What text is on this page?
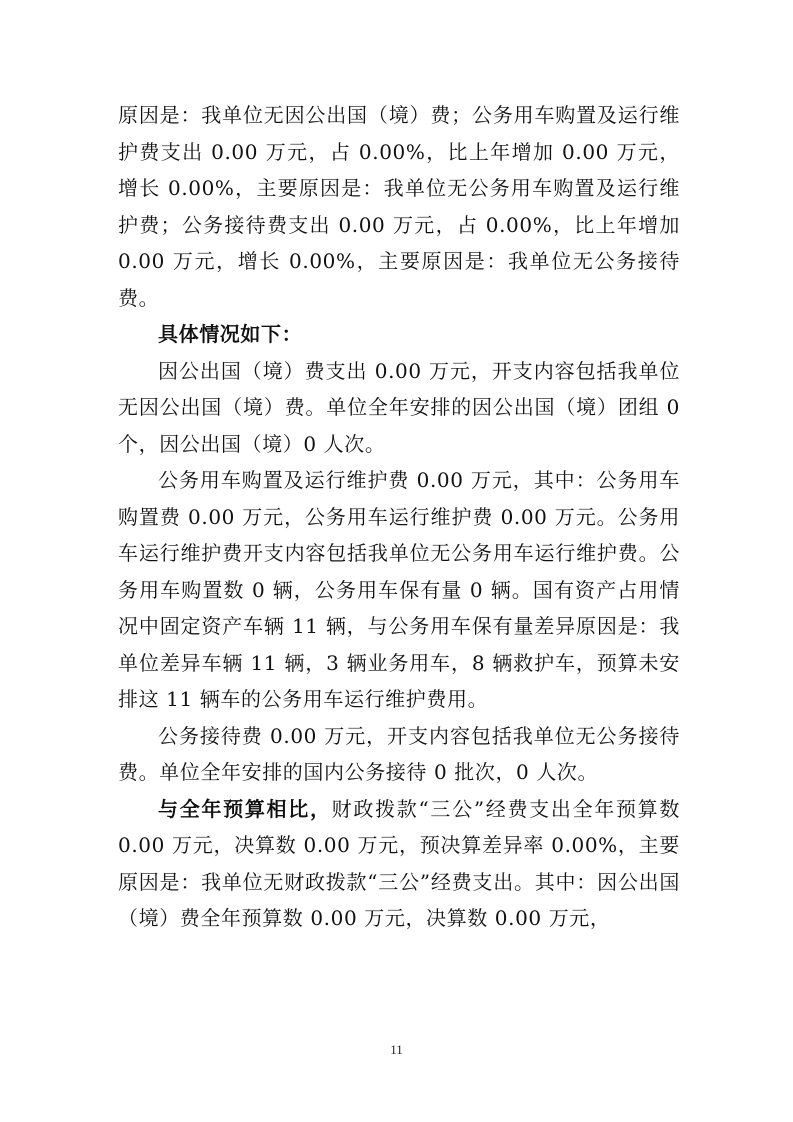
原因是：我单位无因公出国（境）费；公务用车购置及运行维护费支出 0.00 万元，占 0.00%，比上年增加 0.00 万元，增长 0.00%，主要原因是：我单位无公务用车购置及运行维护费；公务接待费支出 0.00 万元，占 0.00%，比上年增加 0.00 万元，增长 0.00%，主要原因是：我单位无公务接待费。

具体情况如下：

因公出国（境）费支出 0.00 万元，开支内容包括我单位无因公出国（境）费。单位全年安排的因公出国（境）团组 0 个，因公出国（境）0 人次。

公务用车购置及运行维护费 0.00 万元，其中：公务用车购置费 0.00 万元，公务用车运行维护费 0.00 万元。公务用车运行维护费开支内容包括我单位无公务用车运行维护费。公务用车购置数 0 辆，公务用车保有量 0 辆。国有资产占用情况中固定资产车辆 11 辆，与公务用车保有量差异原因是：我单位差异车辆 11 辆，3 辆业务用车，8 辆救护车，预算未安排这 11 辆车的公务用车运行维护费用。

公务接待费 0.00 万元，开支内容包括我单位无公务接待费。单位全年安排的国内公务接待 0 批次，0 人次。

与全年预算相比，财政拨款“三公”经费支出全年预算数 0.00 万元，决算数 0.00 万元，预决算差异率 0.00%，主要原因是：我单位无财政拨款“三公”经费支出。其中：因公出国（境）费全年预算数 0.00 万元，决算数 0.00 万元，

11
